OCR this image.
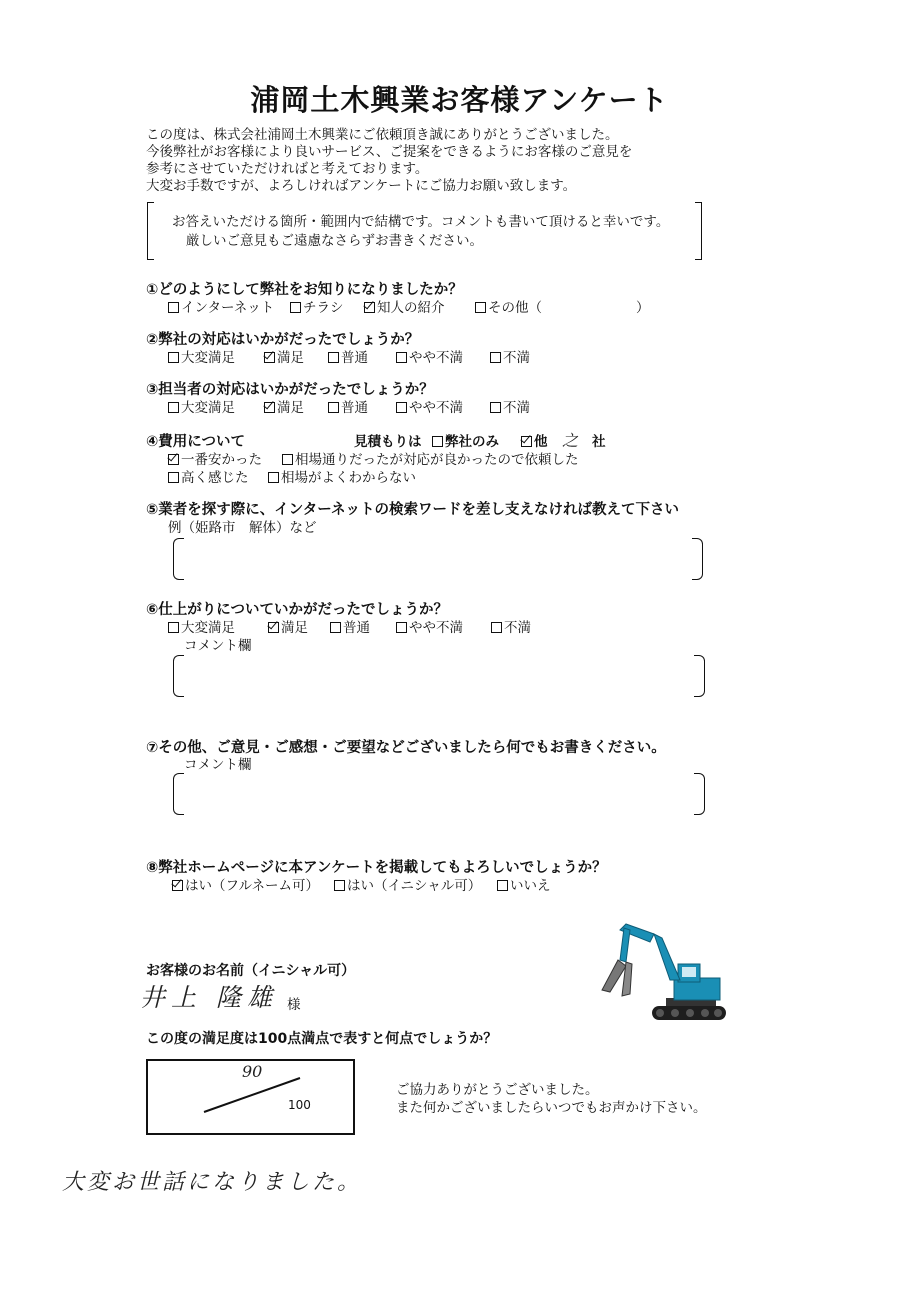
浦岡土木興業お客様アンケート
この度は、株式会社浦岡土木興業にご依頼頂き誠にありがとうございました。
今後弊社がお客様により良いサービス、ご提案をできるようにお客様のご意見を
参考にさせていただければと考えております。
大変お手数ですが、よろしければアンケートにご協力お願い致します。
お答えいただける箇所・範囲内で結構です。コメントも書いて頂けると幸いです。
厳しいご意見もご遠慮なさらずお書きください。
①どのようにして弊社をお知りになりましたか？
インターネット	チラシ	知人の紹介	その他（	）
②弊社の対応はいかがだったでしょうか？
大変満足	満足	普通	やや不満	不満
③担当者の対応はいかがだったでしょうか？
大変満足	満足	普通	やや不満	不満
④費用について	見積もりは	弊社のみ	他 之 社
一番安かった	相場通りだったが対応が良かったので依頼した
高く感じた	相場がよくわからない
⑤業者を探す際に、インターネットの検索ワードを差し支えなければ教えて下さい
例（姫路市　解体）など
⑥仕上がりについていかがだったでしょうか？
大変満足	満足	普通	やや不満	不満
コメント欄
⑦その他、ご意見・ご感想・ご要望などございましたら何でもお書きください。
コメント欄
⑧弊社ホームページに本アンケートを掲載してもよろしいでしょうか？
はい（フルネーム可）	はい（イニシャル可）	いいえ
お客様のお名前（イニシャル可）
井上 隆雄 様
この度の満足度は100点満点で表すと何点でしょうか？
90
100
ご協力ありがとうございました。
また何かございましたらいつでもお声かけ下さい。
大変お世話になりました。
